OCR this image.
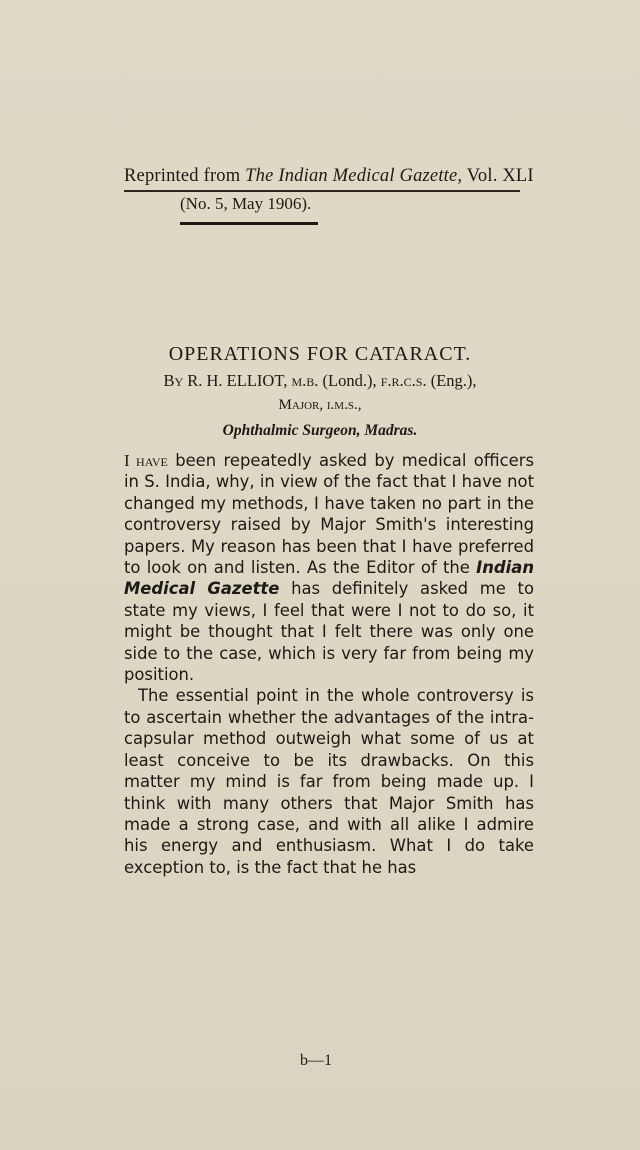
Reprinted from The Indian Medical Gazette, Vol. XLI
(No. 5, May 1906).
OPERATIONS FOR CATARACT.
By R. H. ELLIOT, m.b. (Lond.), f.r.c.s. (Eng.),
Major, i.m.s.,
Ophthalmic Surgeon, Madras.

I have been repeatedly asked by medical officers in S. India, why, in view of the fact that I have not changed my methods, I have taken no part in the controversy raised by Major Smith's interesting papers. My reason has been that I have preferred to look on and listen. As the Editor of the Indian Medical Gazette has definitely asked me to state my views, I feel that were I not to do so, it might be thought that I felt there was only one side to the case, which is very far from being my position.

The essential point in the whole controversy is to ascertain whether the advantages of the intra-capsular method outweigh what some of us at least conceive to be its drawbacks. On this matter my mind is far from being made up. I think with many others that Major Smith has made a strong case, and with all alike I admire his energy and enthusiasm. What I do take exception to, is the fact that he has

b—1
